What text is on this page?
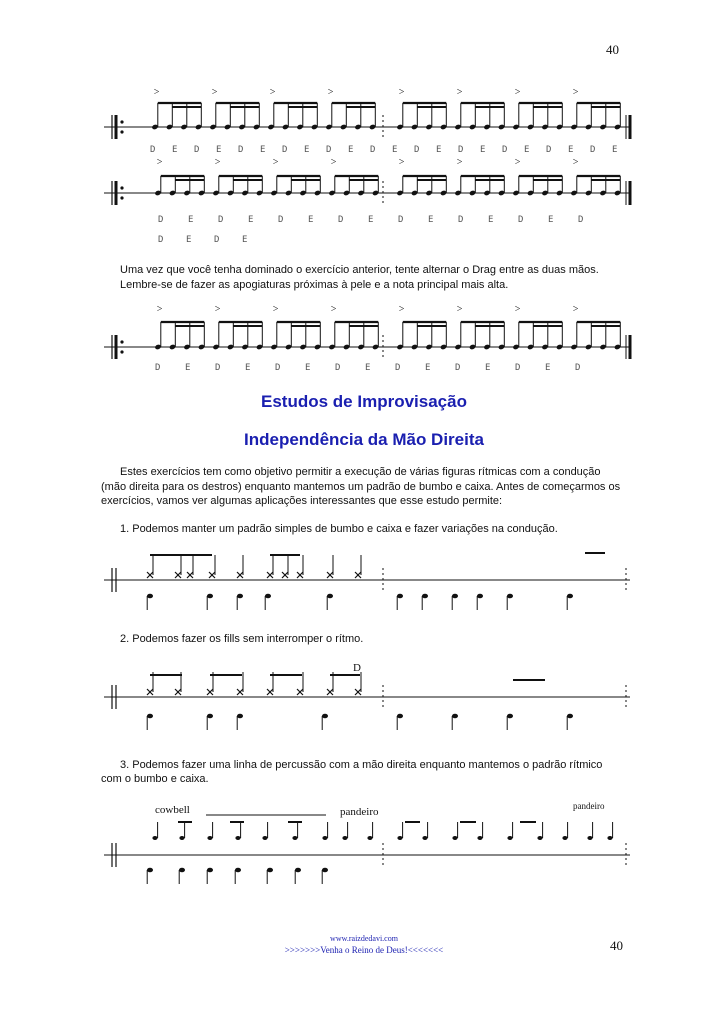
40
40
>	>	>	>	>	>	>	>
D E D E D E D E D E D E D E D E D E D E D E
>	>	>	>	>	>	>	>
D	E	D	E	D	E	D	E	D	E	D	E	D	E	D
D	E	D	E
>	>	>	>	>	>	>	>
D	E	D	E	D	E	D	E	D	E	D	E	D	E	D
Uma vez que você tenha dominado o exercício anterior, tente alternar o Drag entre as duas mãos.
Lembre-se de fazer as apogiaturas próximas à pele e a nota principal mais alta.
Estudos de Improvisação
Independência da Mão Direita
Estes exercícios tem como objetivo permitir a execução de várias figuras rítmicas com a condução
(mão direita para os destros) enquanto mantemos um padrão de bumbo e caixa. Antes de começarmos os
exercícios, vamos ver algumas aplicações interessantes que esse estudo permite:
1. Podemos manter um padrão simples de bumbo e caixa e fazer variações na condução.
2. Podemos fazer os fills sem interromper o rítmo.
3. Podemos fazer uma linha de percussão com a mão direita enquanto mantemos o padrão rítmico
com o bumbo e caixa.
cowbell	pandeiro	pandeiro
D
www.raizdedavi.com
>>>>>>>Venha o Reino de Deus!<<<<<<<
